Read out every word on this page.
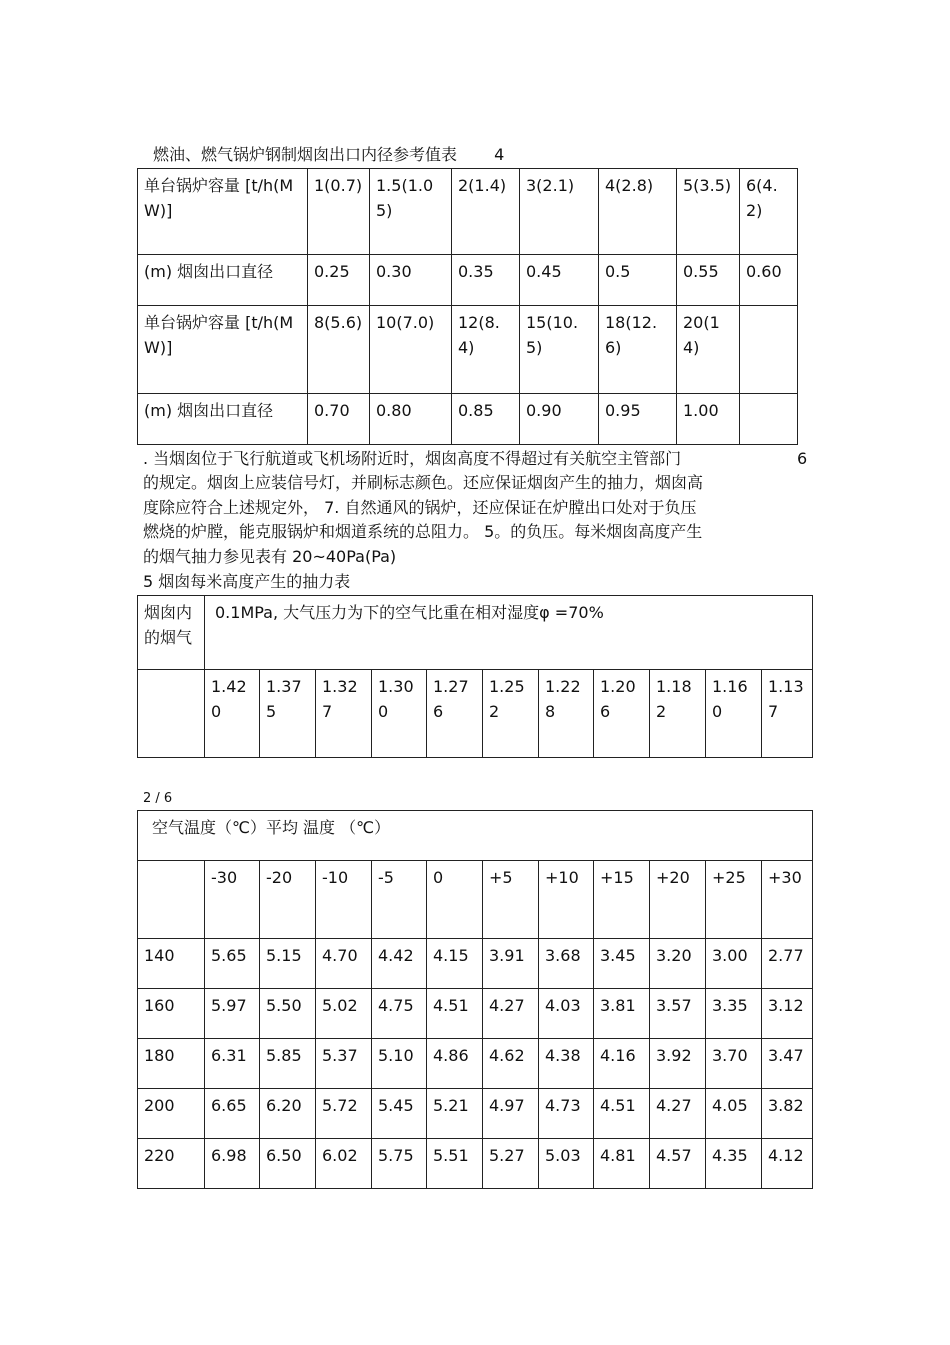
燃油、燃气锅炉钢制烟囱出口内径参考值表 4
单台锅炉容量 [t/h(MW)]	1(0.7)	1.5(1.05)	2(1.4)	3(2.1)	4(2.8)	5(3.5)	6(4.2)
(m) 烟囱出口直径	0.25	0.30	0.35	0.45	0.5	0.55	0.60
单台锅炉容量 [t/h(MW)]	8(5.6)	10(7.0)	12(8.4)	15(10.5)	18(12.6)	20(14)	
(m) 烟囱出口直径	0.70	0.80	0.85	0.90	0.95	1.00	
. 当烟囱位于飞行航道或飞机场附近时，烟囱高度不得超过有关航空主管部门	6
的规定。烟囱上应装信号灯，并刷标志颜色。还应保证烟囱产生的抽力，烟囱高
度除应符合上述规定外， 7. 自然通风的锅炉，还应保证在炉膛出口处对于负压
燃烧的炉膛，能克服锅炉和烟道系统的总阻力。 5。的负压。每米烟囱高度产生
的烟气抽力参见表有 20~40Pa(Pa)
5 烟囱每米高度产生的抽力表
烟囱内的烟气	0.1MPa, 大气压力为下的空气比重在相对湿度φ =70%										
	1.420	1.375	1.327	1.300	1.276	1.252	1.228	1.206	1.182	1.160	1.137
2 / 6
空气温度（℃）平均 温度 （℃）											
	-30	-20	-10	-5	0	+5	+10	+15	+20	+25	+30
140	5.65	5.15	4.70	4.42	4.15	3.91	3.68	3.45	3.20	3.00	2.77
160	5.97	5.50	5.02	4.75	4.51	4.27	4.03	3.81	3.57	3.35	3.12
180	6.31	5.85	5.37	5.10	4.86	4.62	4.38	4.16	3.92	3.70	3.47
200	6.65	6.20	5.72	5.45	5.21	4.97	4.73	4.51	4.27	4.05	3.82
220	6.98	6.50	6.02	5.75	5.51	5.27	5.03	4.81	4.57	4.35	4.12
